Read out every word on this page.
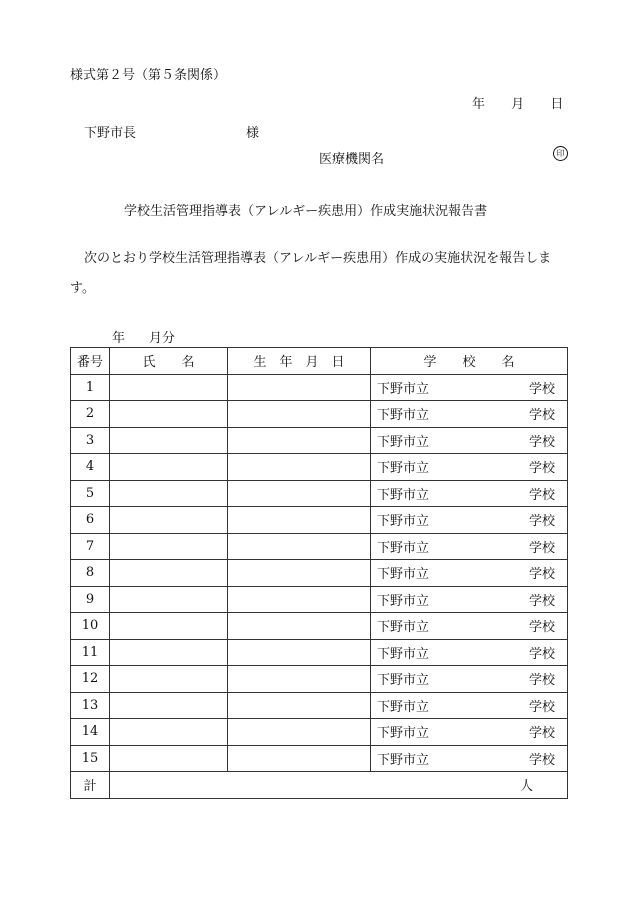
様式第２号（第５条関係）
年 月 日
下野市長	様
医療機関名	印
学校生活管理指導表（アレルギー疾患用）作成実施状況報告書
次のとおり学校生活管理指導表（アレルギー疾患用）作成の実施状況を報告します。
年 月分
番号	氏　　名	生　年　月　日	学　　校　　名
1			下野市立 学校

2			下野市立 学校

3			下野市立 学校

4			下野市立 学校

5			下野市立 学校

6			下野市立 学校

7			下野市立 学校

8			下野市立 学校

9			下野市立 学校

10			下野市立 学校

11			下野市立 学校

12			下野市立 学校

13			下野市立 学校

14			下野市立 学校

15			下野市立 学校

計	人		
